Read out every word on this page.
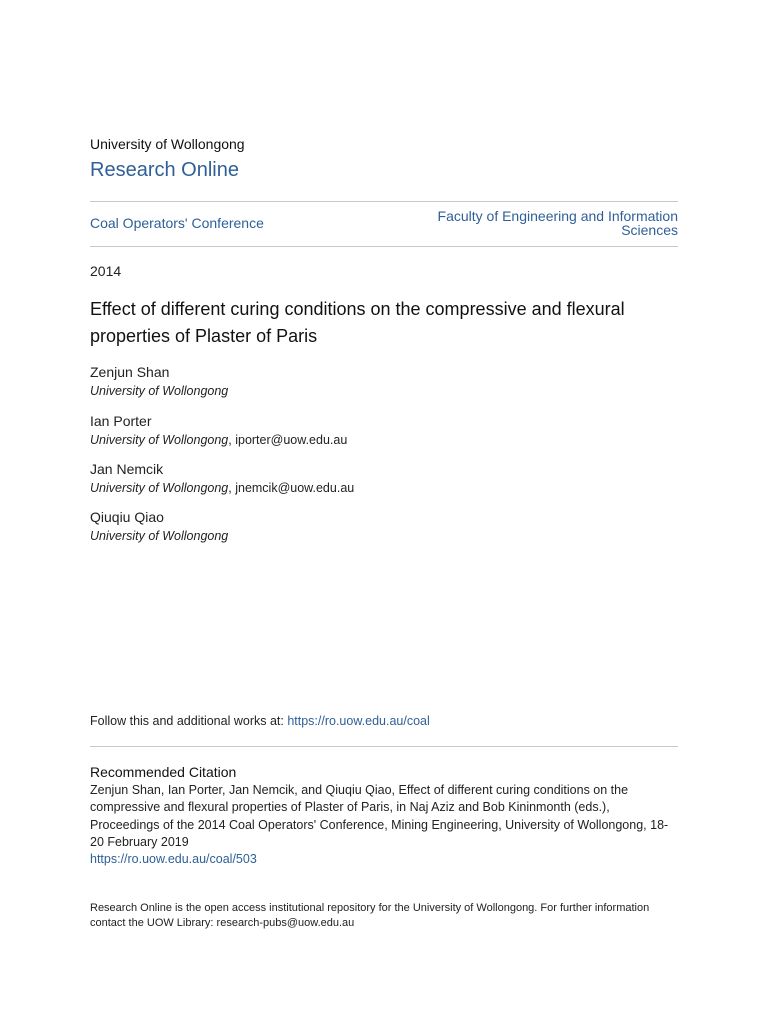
University of Wollongong
Research Online
Coal Operators' Conference	Faculty of Engineering and Information Sciences
2014
Effect of different curing conditions on the compressive and flexural properties of Plaster of Paris
Zenjun Shan
University of Wollongong
Ian Porter
University of Wollongong, iporter@uow.edu.au
Jan Nemcik
University of Wollongong, jnemcik@uow.edu.au
Qiuqiu Qiao
University of Wollongong
Follow this and additional works at: https://ro.uow.edu.au/coal
Recommended Citation
Zenjun Shan, Ian Porter, Jan Nemcik, and Qiuqiu Qiao, Effect of different curing conditions on the compressive and flexural properties of Plaster of Paris, in Naj Aziz and Bob Kininmonth (eds.), Proceedings of the 2014 Coal Operators' Conference, Mining Engineering, University of Wollongong, 18-20 February 2019
https://ro.uow.edu.au/coal/503
Research Online is the open access institutional repository for the University of Wollongong. For further information contact the UOW Library: research-pubs@uow.edu.au
